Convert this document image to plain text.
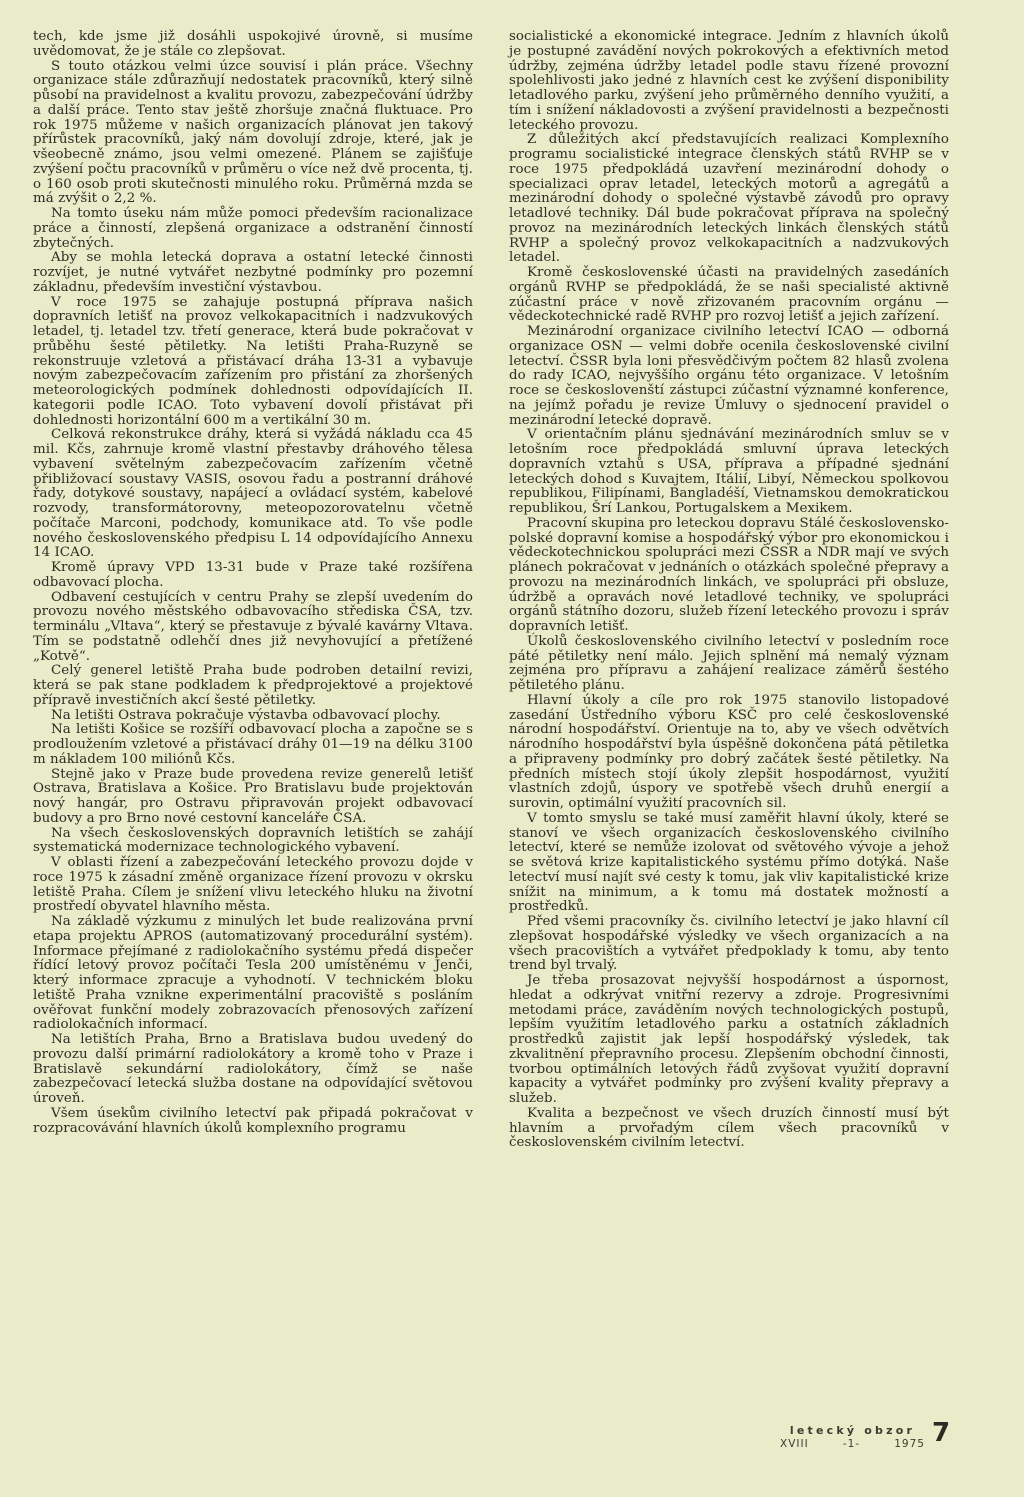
tech, kde jsme již dosáhli uspokojivé úrovně, si musíme uvědomovat, že je stále co zlepšovat.

S touto otázkou velmi úzce souvisí i plán práce. Všechny organizace stále zdůrazňují nedostatek pracovníků, který silně působí na pravidelnost a kvalitu provozu, zabezpečování údržby a další práce. Tento stav ještě zhoršuje značná fluktuace. Pro rok 1975 můžeme v našich organizacích plánovat jen takový přírůstek pracovníků, jaký nám dovolují zdroje, které, jak je všeobecně známo, jsou velmi omezené. Plánem se zajišťuje zvýšení počtu pracovníků v průměru o více než dvě procenta, tj. o 160 osob proti skutečnosti minulého roku. Průměrná mzda se má zvýšit o 2,2 %.

Na tomto úseku nám může pomoci především racionalizace práce a činností, zlepšená organizace a odstranění činností zbytečných.

Aby se mohla letecká doprava a ostatní letecké činnosti rozvíjet, je nutné vytvářet nezbytné podmínky pro pozemní základnu, především investiční výstavbou.

V roce 1975 se zahajuje postupná příprava našich dopravních letišť na provoz velkokapacitních i nadzvukových letadel, tj. letadel tzv. třetí generace, která bude pokračovat v průběhu šesté pětiletky. Na letišti Praha-Ruzyně se rekonstruuje vzletová a přistávací dráha 13-31 a vybavuje novým zabezpečovacím zařízením pro přistání za zhoršených meteorologických podmínek dohlednosti odpovídajících II. kategorii podle ICAO. Toto vybavení dovolí přistávat při dohlednosti horizontální 600 m a vertikální 30 m.

Celková rekonstrukce dráhy, která si vyžádá nákladu cca 45 mil. Kčs, zahrnuje kromě vlastní přestavby dráhového tělesa vybavení světelným zabezpečovacím zařízením včetně přibližovací soustavy VASIS, osovou řadu a postranní dráhové řady, dotykové soustavy, napájecí a ovládací systém, kabelové rozvody, transformátorovny, meteopozorovatelnu včetně počítače Marconi, podchody, komunikace atd. To vše podle nového československého předpisu L 14 odpovídajícího Annexu 14 ICAO.

Kromě úpravy VPD 13-31 bude v Praze také rozšířena odbavovací plocha.

Odbavení cestujících v centru Prahy se zlepší uvedením do provozu nového městského odbavovacího střediska ČSA, tzv. terminálu „Vltava“, který se přestavuje z bývalé kavárny Vltava. Tím se podstatně odlehčí dnes již nevyhovující a přetížené „Kotvě“.

Celý generel letiště Praha bude podroben detailní revizi, která se pak stane podkladem k předprojektové a projektové přípravě investičních akcí šesté pětiletky.

Na letišti Ostrava pokračuje výstavba odbavovací plochy.

Na letišti Košice se rozšíří odbavovací plocha a započne se s prodloužením vzletové a přistávací dráhy 01—19 na délku 3100 m nákladem 100 miliónů Kčs.

Stejně jako v Praze bude provedena revize generelů letišť Ostrava, Bratislava a Košice. Pro Bratislavu bude projektován nový hangár, pro Ostravu připravován projekt odbavovací budovy a pro Brno nové cestovní kanceláře ČSA.

Na všech československých dopravních letištích se zahájí systematická modernizace technologického vybavení.

V oblasti řízení a zabezpečování leteckého provozu dojde v roce 1975 k zásadní změně organizace řízení provozu v okrsku letiště Praha. Cílem je snížení vlivu leteckého hluku na životní prostředí obyvatel hlavního města.

Na základě výzkumu z minulých let bude realizována první etapa projektu APROS (automatizovaný procedurální systém). Informace přejímané z radiolokačního systému předá dispečer řídící letový provoz počítači Tesla 200 umístěnému v Jenči, který informace zpracuje a vyhodnotí. V technickém bloku letiště Praha vznikne experimentální pracoviště s posláním ověřovat funkční modely zobrazovacích přenosových zařízení radiolokačních informací.

Na letištích Praha, Brno a Bratislava budou uvedený do provozu další primární radiolokátory a kromě toho v Praze i Bratislavě sekundární radiolokátory, čímž se naše zabezpečovací letecká služba dostane na odpovídající světovou úroveň.

Všem úsekům civilního letectví pak připadá pokračovat v rozpracovávání hlavních úkolů komplexního programu

socialistické a ekonomické integrace. Jedním z hlavních úkolů je postupné zavádění nových pokrokových a efektivních metod údržby, zejména údržby letadel podle stavu řízené provozní spolehlivosti jako jedné z hlavních cest ke zvýšení disponibility letadlového parku, zvýšení jeho průměrného denního využití, a tím i snížení nákladovosti a zvýšení pravidelnosti a bezpečnosti leteckého provozu.

Z důležitých akcí představujících realizaci Komplexního programu socialistické integrace členských států RVHP se v roce 1975 předpokládá uzavření mezinárodní dohody o specializaci oprav letadel, leteckých motorů a agregátů a mezinárodní dohody o společné výstavbě závodů pro opravy letadlové techniky. Dál bude pokračovat příprava na společný provoz na mezinárodních leteckých linkách členských států RVHP a společný provoz velkokapacitních a nadzvukových letadel.

Kromě československé účasti na pravidelných zasedáních orgánů RVHP se předpokládá, že se naši specialisté aktivně zúčastní práce v nově zřizovaném pracovním orgánu — vědeckotechnické radě RVHP pro rozvoj letišť a jejich zařízení.

Mezinárodní organizace civilního letectví ICAO — odborná organizace OSN — velmi dobře ocenila československé civilní letectví. ČSSR byla loni přesvědčivým počtem 82 hlasů zvolena do rady ICAO, nejvyššího orgánu této organizace. V letošním roce se českoslovenští zástupci zúčastní významné konference, na jejímž pořadu je revize Úmluvy o sjednocení pravidel o mezinárodní letecké dopravě.

V orientačním plánu sjednávání mezinárodních smluv se v letošním roce předpokládá smluvní úprava leteckých dopravních vztahů s USA, příprava a případné sjednání leteckých dohod s Kuvajtem, Itálií, Libyí, Německou spolkovou republikou, Filipínami, Bangladéší, Vietnamskou demokratickou republikou, Šrí Lankou, Portugalskem a Mexikem.

Pracovní skupina pro leteckou dopravu Stálé československo-polské dopravní komise a hospodářský výbor pro ekonomickou i vědeckotechnickou spolupráci mezi ČSSR a NDR mají ve svých plánech pokračovat v jednáních o otázkách společné přepravy a provozu na mezinárodních linkách, ve spolupráci při obsluze, údržbě a opravách nové letadlové techniky, ve spolupráci orgánů státního dozoru, služeb řízení leteckého provozu i správ dopravních letišť.

Úkolů československého civilního letectví v posledním roce páté pětiletky není málo. Jejich splnění má nemalý význam zejména pro přípravu a zahájení realizace záměrů šestého pětiletého plánu.

Hlavní úkoly a cíle pro rok 1975 stanovilo listopadové zasedání Ústředního výboru KSČ pro celé československé národní hospodářství. Orientuje na to, aby ve všech odvětvích národního hospodářství byla úspěšně dokončena pátá pětiletka a připraveny podmínky pro dobrý začátek šesté pětiletky. Na předních místech stojí úkoly zlepšit hospodárnost, využití vlastních zdojů, úspory ve spotřebě všech druhů energií a surovin, optimální využití pracovních sil.

V tomto smyslu se také musí zaměřit hlavní úkoly, které se stanoví ve všech organizacích československého civilního letectví, které se nemůže izolovat od světového vývoje a jehož se světová krize kapitalistického systému přímo dotýká. Naše letectví musí najít své cesty k tomu, jak vliv kapitalistické krize snížit na minimum, a k tomu má dostatek možností a prostředků.

Před všemi pracovníky čs. civilního letectví je jako hlavní cíl zlepšovat hospodářské výsledky ve všech organizacích a na všech pracovištích a vytvářet předpoklady k tomu, aby tento trend byl trvalý.

Je třeba prosazovat nejvyšší hospodárnost a úspornost, hledat a odkrývat vnitřní rezervy a zdroje. Progresivními metodami práce, zaváděním nových technologických postupů, lepším využitím letadlového parku a ostatních základních prostředků zajistit jak lepší hospodářský výsledek, tak zkvalitnění přepravního procesu. Zlepšením obchodní činnosti, tvorbou optimálních letových řádů zvyšovat využití dopravní kapacity a vytvářet podmínky pro zvýšení kvality přepravy a služeb.

Kvalita a bezpečnost ve všech druzích činností musí být hlavním a prvořadým cílem všech pracovníků v československém civilním letectví.

letecký obzor
XVIII	-1-	1975 7
